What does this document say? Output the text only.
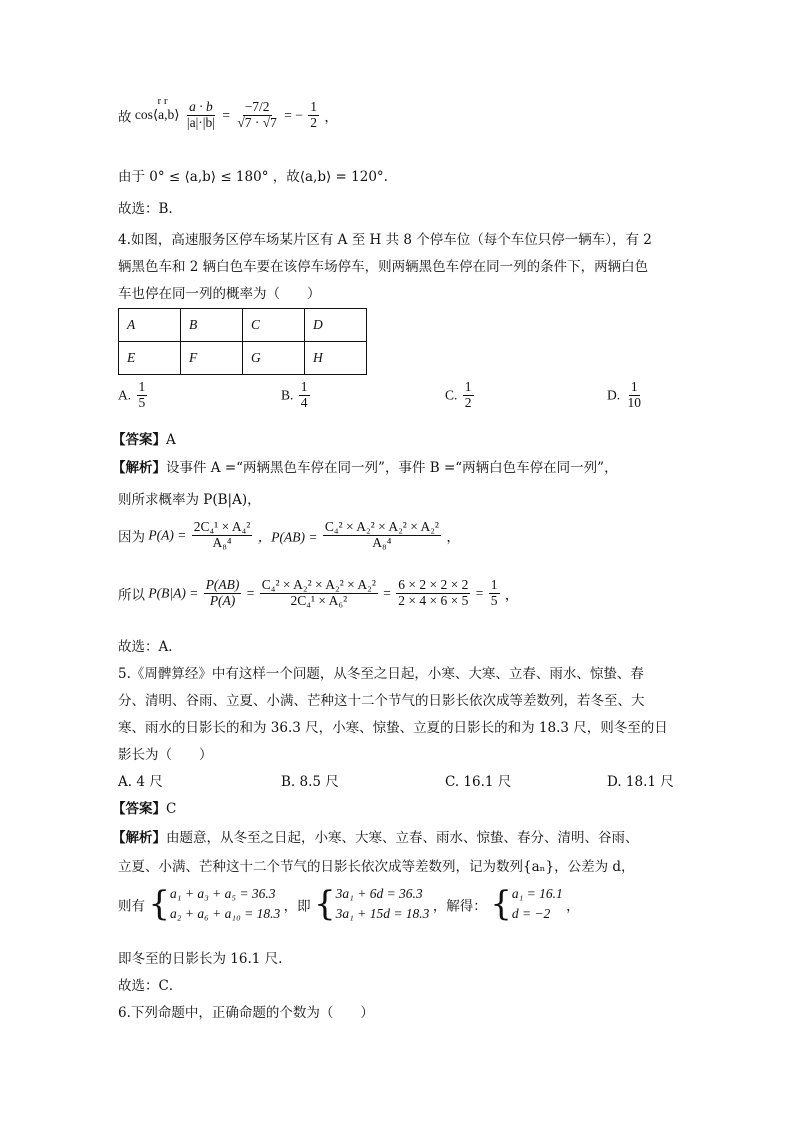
故
r r
cos⟨a,b⟩ $\frac{a \cdot b}{|a|\cdot|b|} = \frac{-7/2}{√7 \cdot √7}$ = − $\frac{1}{2}$ ，
由于 0° ≤ ⟨a,b⟩ ≤ 180° ，故⟨a,b⟩ = 120°.
故选：B.
4.如图，高速服务区停车场某片区有 A 至 H 共 8 个停车位（每个车位只停一辆车），有 2
辆黑色车和 2 辆白色车要在该停车场停车，则两辆黑色车停在同一列的条件下，两辆白色
车也停在同一列的概率为（　　）
A	B	C	D
E	F	G	H
A. $\frac{1}{5}$	B. $\frac{1}{4}$	C. $\frac{1}{2}$	D. $\frac{1}{10}$
【答案】A
【解析】设事件 A =“两辆黑色车停在同一列”，事件 B =“两辆白色车停在同一列”，
则所求概率为 P(B|A)，
因为 $P(A) = \frac{\text{2C₄¹ × A₄²}}{\text{A₈⁴}}$ ，$P(AB) = \frac{\text{C₄² × A₂² × A₂² × A₂²}}{\text{A₈⁴}}$ ，
所以 $P(B|A) = \frac{P(AB)}{P(A)} = \frac{\text{C₄² × A₂² × A₂² × A₂²}}{\text{2C₄¹ × A₆²}} = \frac{6 \times 2 \times 2 \times 2}{2 \times 4 \times 6 \times 5} = \frac{1}{5}$ ，
故选：A．
5.《周髀算经》中有这样一个问题，从冬至之日起，小寒、大寒、立春、雨水、惊蛰、春
分、清明、谷雨、立夏、小满、芒种这十二个节气的日影长依次成等差数列，若冬至、大
寒、雨水的日影长的和为 36.3 尺，小寒、惊蛰、立夏的日影长的和为 18.3 尺，则冬至的日
影长为（　　）
A. 4 尺	B. 8.5 尺	C. 16.1 尺	D. 18.1 尺
【答案】C
【解析】由题意，从冬至之日起，小寒、大寒、立春、雨水、惊蛰、春分、清明、谷雨、
立夏、小满、芒种这十二个节气的日影长依次成等差数列，记为数列{aₙ}，公差为 d，
则有 { a₁ + a₃ + a₅ = 36.3
a₂ + a₆ + a₁₀ = 18.3
，即 { 3a₁ + 6d = 36.3
3a₁ + 15d = 18.3
，解得： { a₁ = 16.1
d = −2
，
即冬至的日影长为 16.1 尺.
故选：C．
6.下列命题中，正确命题的个数为（　　）
